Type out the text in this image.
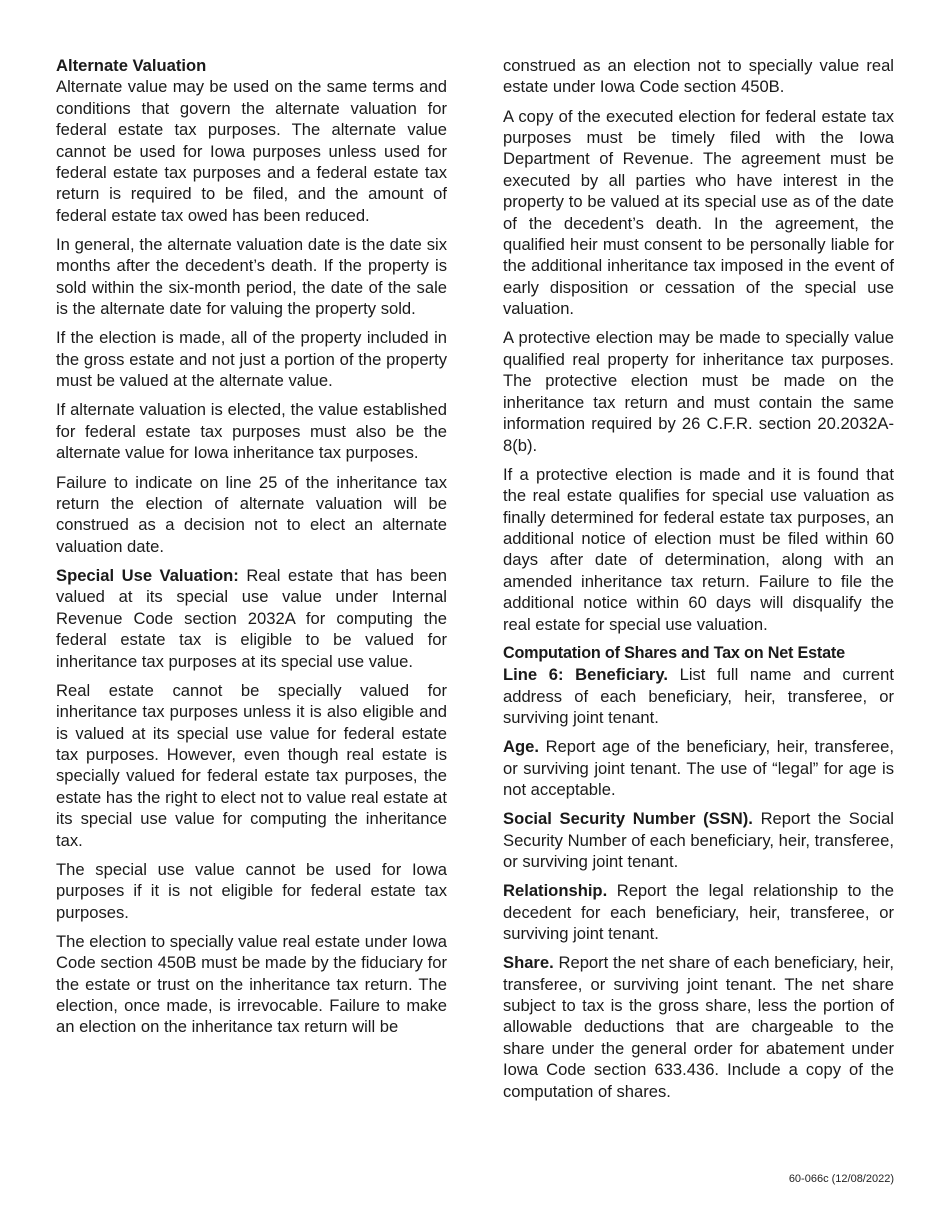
Alternate Valuation

Alternate value may be used on the same terms and conditions that govern the alternate valuation for federal estate tax purposes. The alternate value cannot be used for Iowa purposes unless used for federal estate tax purposes and a federal estate tax return is required to be filed, and the amount of federal estate tax owed has been reduced.

In general, the alternate valuation date is the date six months after the decedent’s death. If the property is sold within the six-month period, the date of the sale is the alternate date for valuing the property sold.

If the election is made, all of the property included in the gross estate and not just a portion of the property must be valued at the alternate value.

If alternate valuation is elected, the value established for federal estate tax purposes must also be the alternate value for Iowa inheritance tax purposes.

Failure to indicate on line 25 of the inheritance tax return the election of alternate valuation will be construed as a decision not to elect an alternate valuation date.

Special Use Valuation: Real estate that has been valued at its special use value under Internal Revenue Code section 2032A for computing the federal estate tax is eligible to be valued for inheritance tax purposes at its special use value.

Real estate cannot be specially valued for inheritance tax purposes unless it is also eligible and is valued at its special use value for federal estate tax purposes. However, even though real estate is specially valued for federal estate tax purposes, the estate has the right to elect not to value real estate at its special use value for computing the inheritance tax.

The special use value cannot be used for Iowa purposes if it is not eligible for federal estate tax purposes.

The election to specially value real estate under Iowa Code section 450B must be made by the fiduciary for the estate or trust on the inheritance tax return. The election, once made, is irrevocable. Failure to make an election on the inheritance tax return will be

construed as an election not to specially value real estate under Iowa Code section 450B.

A copy of the executed election for federal estate tax purposes must be timely filed with the Iowa Department of Revenue. The agreement must be executed by all parties who have interest in the property to be valued at its special use as of the date of the decedent’s death. In the agreement, the qualified heir must consent to be personally liable for the additional inheritance tax imposed in the event of early disposition or cessation of the special use valuation.

A protective election may be made to specially value qualified real property for inheritance tax purposes. The protective election must be made on the inheritance tax return and must contain the same information required by 26 C.F.R. section 20.2032A-8(b).

If a protective election is made and it is found that the real estate qualifies for special use valuation as finally determined for federal estate tax purposes, an additional notice of election must be filed within 60 days after date of determination, along with an amended inheritance tax return. Failure to file the additional notice within 60 days will disqualify the real estate for special use valuation.

Computation of Shares and Tax on Net Estate

Line 6: Beneficiary. List full name and current address of each beneficiary, heir, transferee, or surviving joint tenant.

Age. Report age of the beneficiary, heir, transferee, or surviving joint tenant. The use of “legal” for age is not acceptable.

Social Security Number (SSN). Report the Social Security Number of each beneficiary, heir, transferee, or surviving joint tenant.

Relationship. Report the legal relationship to the decedent for each beneficiary, heir, transferee, or surviving joint tenant.

Share. Report the net share of each beneficiary, heir, transferee, or surviving joint tenant. The net share subject to tax is the gross share, less the portion of allowable deductions that are chargeable to the share under the general order for abatement under Iowa Code section 633.436. Include a copy of the computation of shares.

60-066c (12/08/2022)
